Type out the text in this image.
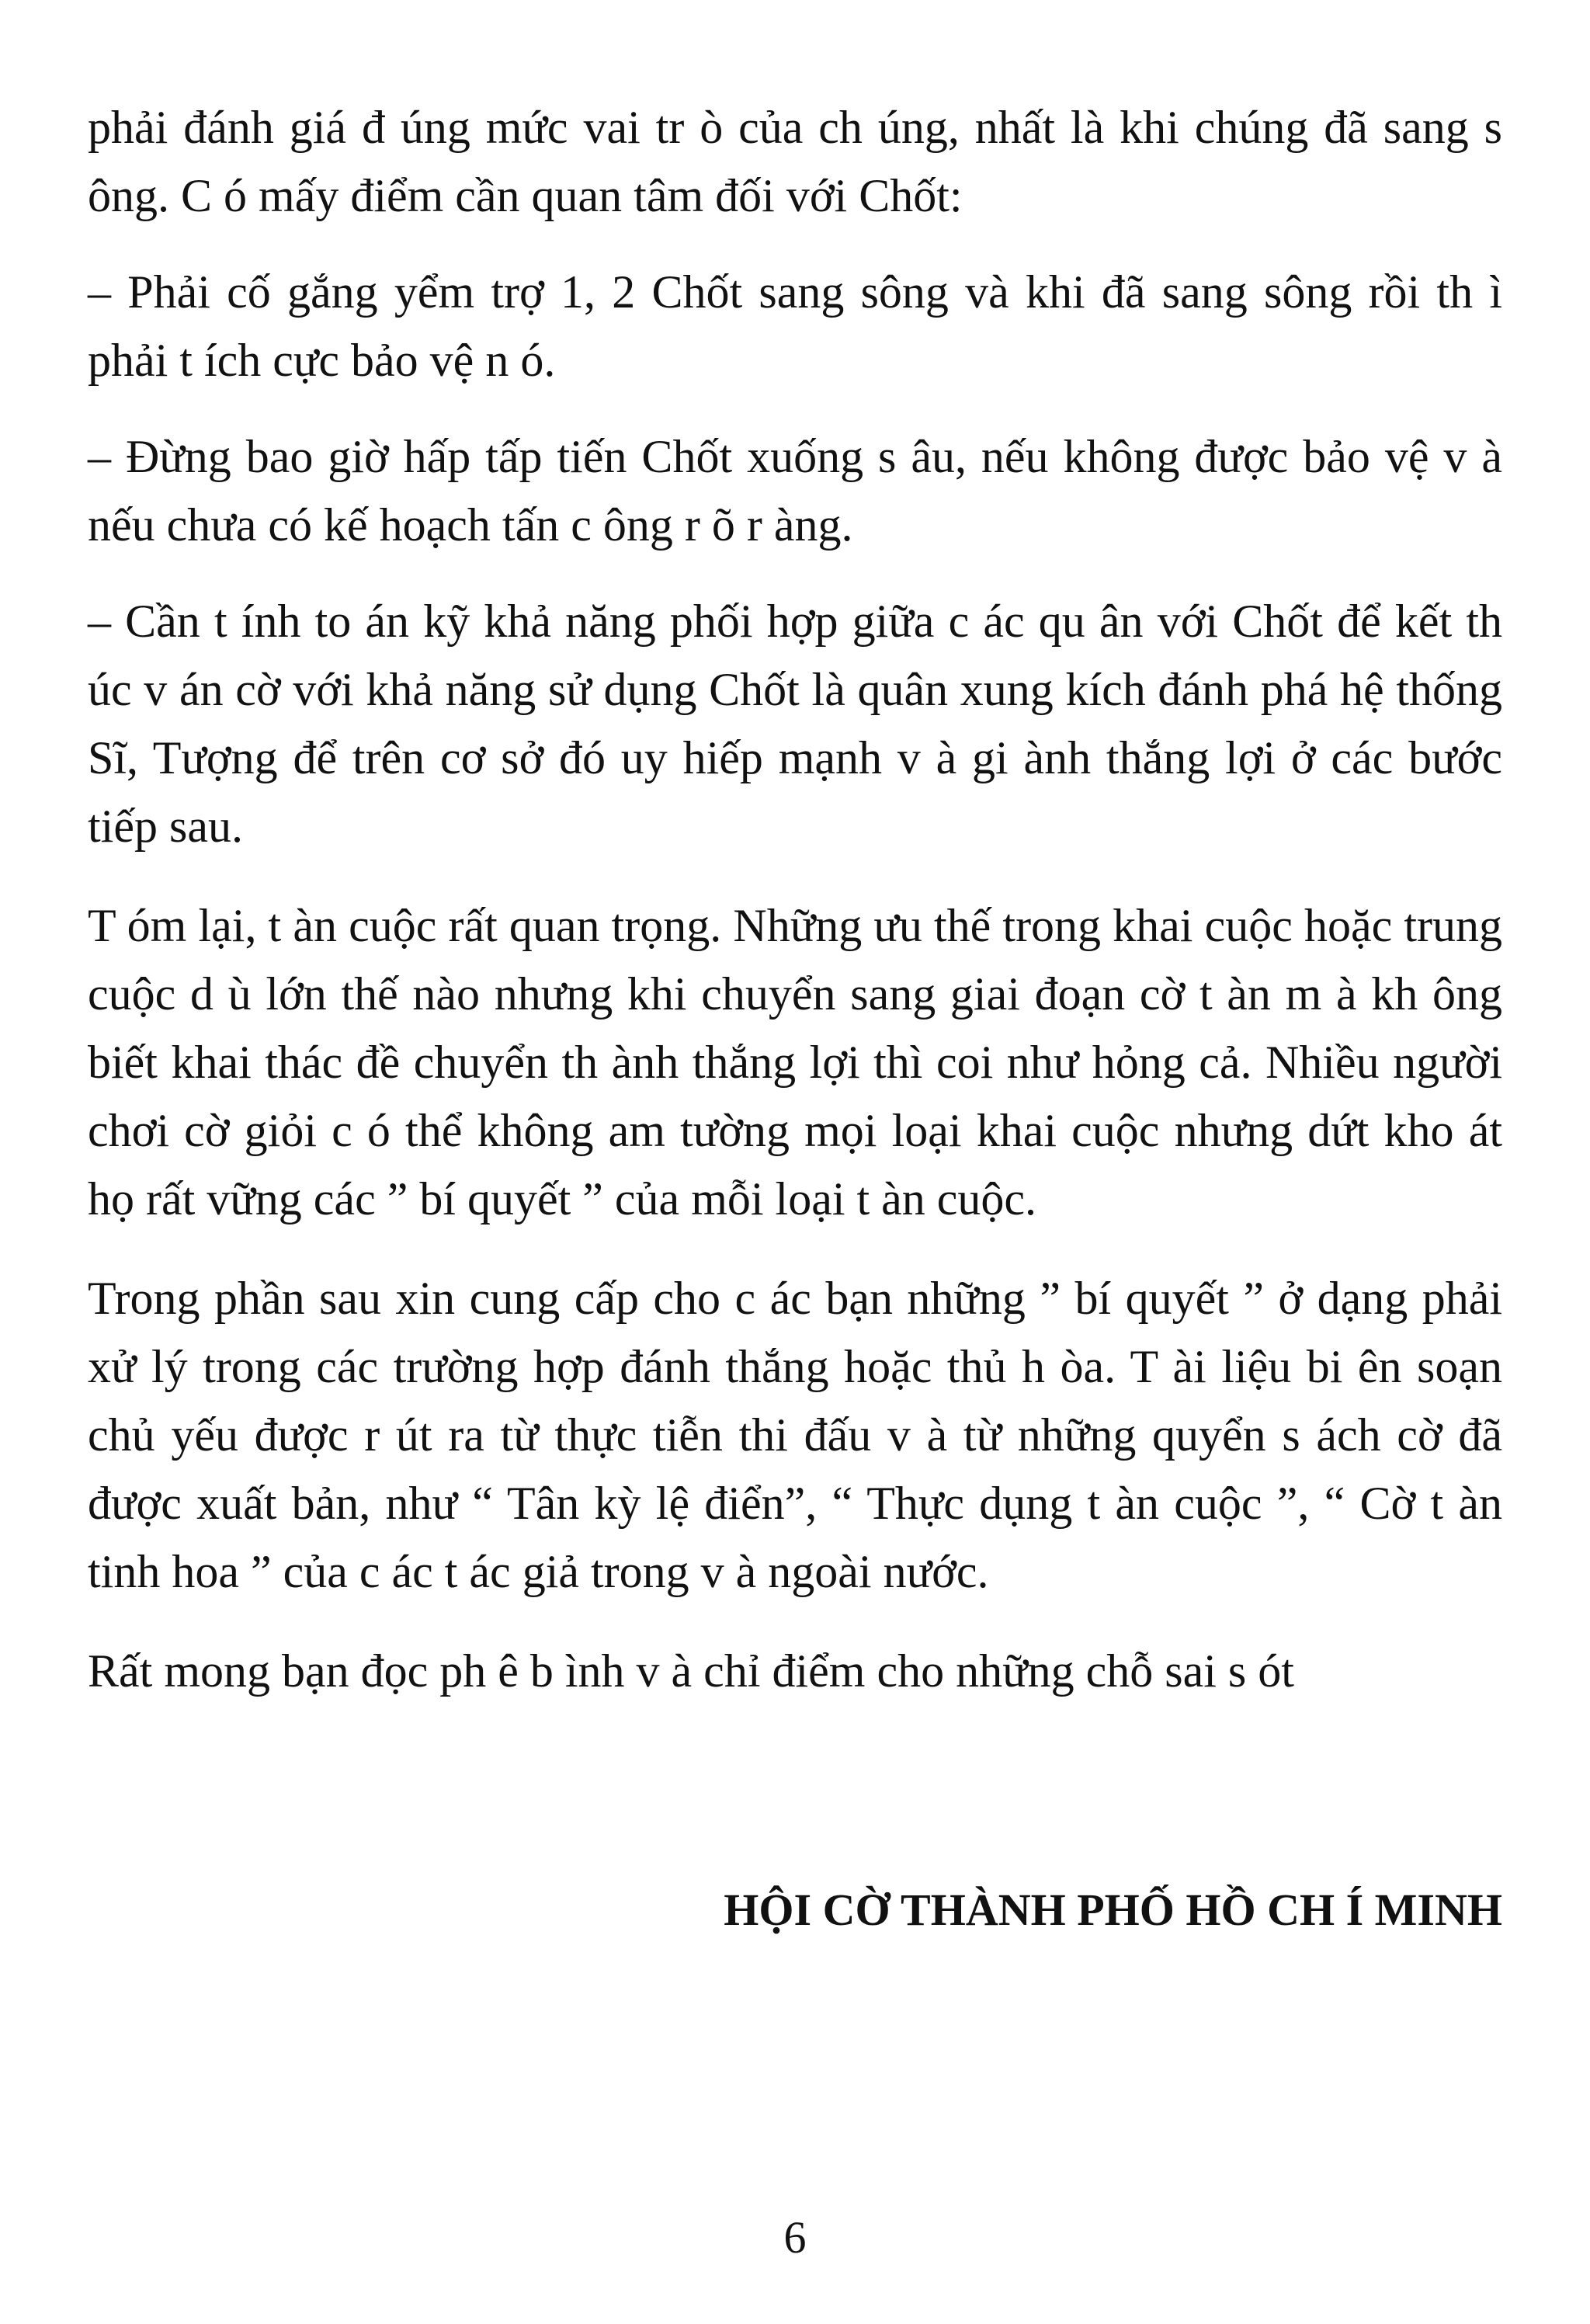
phải đánh giá đ úng mức vai tr ò của ch úng, nhất là khi chúng đã sang s ông. C ó mấy điểm cần quan tâm đối với Chốt:

– Phải cố gắng yểm trợ 1, 2 Chốt sang sông và khi đã sang sông rồi th ì phải t ích cực bảo vệ n ó.

– Đừng bao giờ hấp tấp tiến Chốt xuống s âu, nếu không được bảo vệ v à nếu chưa có kế hoạch tấn c ông r õ r àng.

– Cần t ính to án kỹ khả năng phối hợp giữa c ác qu ân với Chốt để kết th úc v án cờ với khả năng sử dụng Chốt là quân xung kích đánh phá hệ thống Sĩ, Tượng để trên cơ sở đó uy hiếp mạnh v à gi ành thắng lợi ở các bước tiếp sau.

T óm lại, t àn cuộc rất quan trọng. Những ưu thế trong khai cuộc hoặc trung cuộc d ù lớn thế nào nhưng khi chuyển sang giai đoạn cờ t àn m à kh ông biết khai thác đề chuyển th ành thắng lợi thì coi như hỏng cả. Nhiều người chơi cờ giỏi c ó thể không am tường mọi loại khai cuộc nhưng dứt kho át họ rất vững các ” bí quyết ” của mỗi loại t àn cuộc.

Trong phần sau xin cung cấp cho c ác bạn những ” bí quyết ” ở dạng phải xử lý trong các trường hợp đánh thắng hoặc thủ h òa. T ài liệu bi ên soạn chủ yếu được r út ra từ thực tiễn thi đấu v à từ những quyển s ách cờ đã được xuất bản, như “ Tân kỳ lệ điển”, “ Thực dụng t àn cuộc ”, “ Cờ t àn tinh hoa ” của c ác t ác giả trong v à ngoài nước.

Rất mong bạn đọc ph ê b ình v à chỉ điểm cho những chỗ sai s ót

HỘI CỜ THÀNH PHỐ HỒ CH Í MINH
6
